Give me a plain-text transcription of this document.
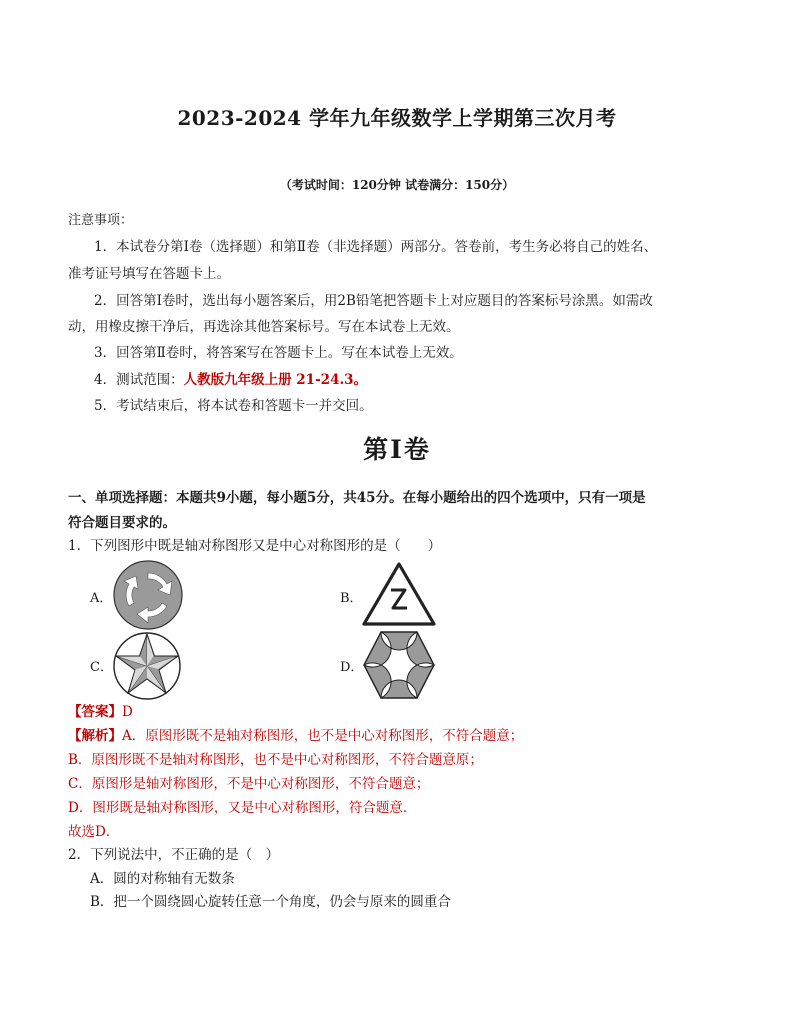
2023-2024 学年九年级数学上学期第三次月考
（考试时间：120分钟 试卷满分：150分）
注意事项：
1．本试卷分第Ⅰ卷（选择题）和第Ⅱ卷（非选择题）两部分。答卷前，考生务必将自己的姓名、
准考证号填写在答题卡上。
2．回答第Ⅰ卷时，选出每小题答案后，用2B铅笔把答题卡上对应题目的答案标号涂黑。如需改
动，用橡皮擦干净后，再选涂其他答案标号。写在本试卷上无效。
3．回答第Ⅱ卷时，将答案写在答题卡上。写在本试卷上无效。
4．测试范围：人教版九年级上册 21-24.3。
5．考试结束后，将本试卷和答题卡一并交回。
第Ⅰ卷
一、单项选择题：本题共9小题，每小题5分，共45分。在每小题给出的四个选项中，只有一项是
符合题目要求的。
1．下列图形中既是轴对称图形又是中心对称图形的是（　　）
A．	B．
C．	D．
【答案】D
【解析】A．原图形既不是轴对称图形，也不是中心对称图形，不符合题意；
B．原图形既不是轴对称图形，也不是中心对称图形，不符合题意原；
C．原图形是轴对称图形，不是中心对称图形，不符合题意；
D．图形既是轴对称图形，又是中心对称图形，符合题意．
故选D．
2．下列说法中，不正确的是（　）
A．圆的对称轴有无数条
B．把一个圆绕圆心旋转任意一个角度，仍会与原来的圆重合
